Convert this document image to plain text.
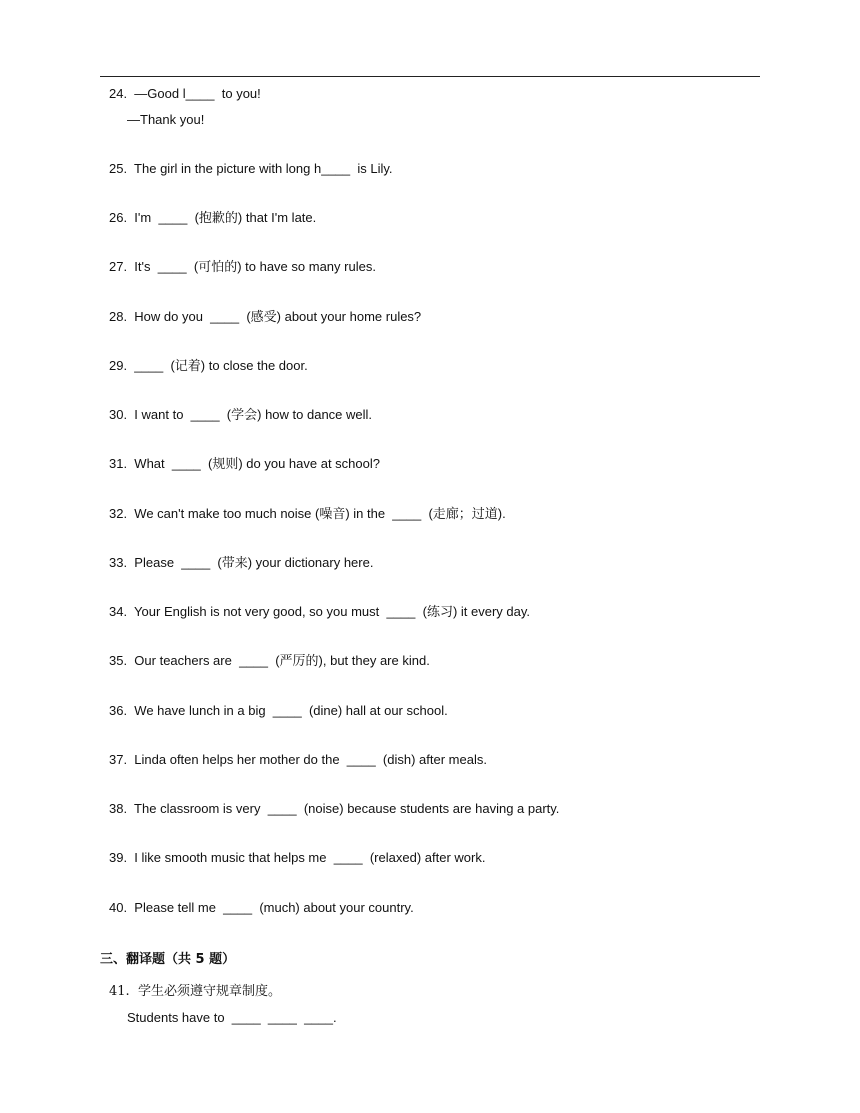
24.  —Good l____  to you!
—Thank you!
25.  The girl in the picture with long h____  is Lily.
26.  I'm  ____  (抱歉的) that I'm late.
27.  It's  ____  (可怕的) to have so many rules.
28.  How do you  ____  (感受) about your home rules?
29.  ____  (记着) to close the door.
30.  I want to  ____  (学会) how to dance well.
31.  What  ____  (规则) do you have at school?
32.  We can't make too much noise (噪音) in the  ____  (走廊；过道).
33.  Please  ____  (带来) your dictionary here.
34.  Your English is not very good, so you must  ____  (练习) it every day.
35.  Our teachers are  ____  (严厉的), but they are kind.
36.  We have lunch in a big  ____  (dine) hall at our school.
37.  Linda often helps her mother do the  ____  (dish) after meals.
38.  The classroom is very  ____  (noise) because students are having a party.
39.  I like smooth music that helps me  ____  (relaxed) after work.
40.  Please tell me  ____  (much) about your country.
三、翻译题（共 5 题）
41.  学生必须遵守规章制度。
Students have to  ____  ____  ____.
